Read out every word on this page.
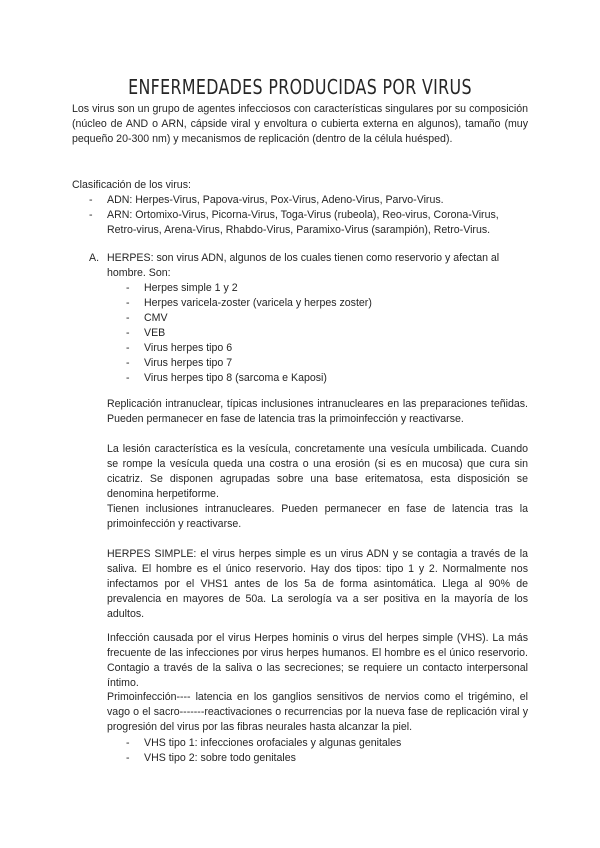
ENFERMEDADES PRODUCIDAS POR VIRUS
Los virus son un grupo de agentes infecciosos con características singulares por su composición (núcleo de AND o ARN, cápside viral y envoltura o cubierta externa en algunos), tamaño (muy pequeño 20-300 nm) y mecanismos de replicación (dentro de la célula huésped).
Clasificación de los virus:
- ADN: Herpes-Virus, Papova-virus, Pox-Virus, Adeno-Virus, Parvo-Virus.
- ARN: Ortomixo-Virus, Picorna-Virus, Toga-Virus (rubeola), Reo-virus, Corona-Virus, Retro-virus, Arena-Virus, Rhabdo-Virus, Paramixo-Virus (sarampión), Retro-Virus.
A. HERPES: son virus ADN, algunos de los cuales tienen como reservorio y afectan al hombre. Son:
- Herpes simple 1 y 2
- Herpes varicela-zoster (varicela y herpes zoster)
- CMV
- VEB
- Virus herpes tipo 6
- Virus herpes tipo 7
- Virus herpes tipo 8 (sarcoma e Kaposi)
Replicación intranuclear, típicas inclusiones intranucleares en las preparaciones teñidas. Pueden permanecer en fase de latencia tras la primoinfección y reactivarse.
La lesión característica es la vesícula, concretamente una vesícula umbilicada. Cuando se rompe la vesícula queda una costra o una erosión (si es en mucosa) que cura sin cicatriz. Se disponen agrupadas sobre una base eritematosa, esta disposición se denomina herpetiforme.
Tienen inclusiones intranucleares. Pueden permanecer en fase de latencia tras la primoinfección y reactivarse.
HERPES SIMPLE: el virus herpes simple es un virus ADN y se contagia a través de la saliva. El hombre es el único reservorio. Hay dos tipos: tipo 1 y 2. Normalmente nos infectamos por el VHS1 antes de los 5a de forma asintomática. Llega al 90% de prevalencia en mayores de 50a. La serología va a ser positiva en la mayoría de los adultos.
Infección causada por el virus Herpes hominis o virus del herpes simple (VHS). La más frecuente de las infecciones por virus herpes humanos. El hombre es el único reservorio. Contagio a través de la saliva o las secreciones; se requiere un contacto interpersonal íntimo.
Primoinfección---- latencia en los ganglios sensitivos de nervios como el trigémino, el vago o el sacro-------reactivaciones o recurrencias por la nueva fase de replicación viral y progresión del virus por las fibras neurales hasta alcanzar la piel.
- VHS tipo 1: infecciones orofaciales y algunas genitales
- VHS tipo 2: sobre todo genitales
